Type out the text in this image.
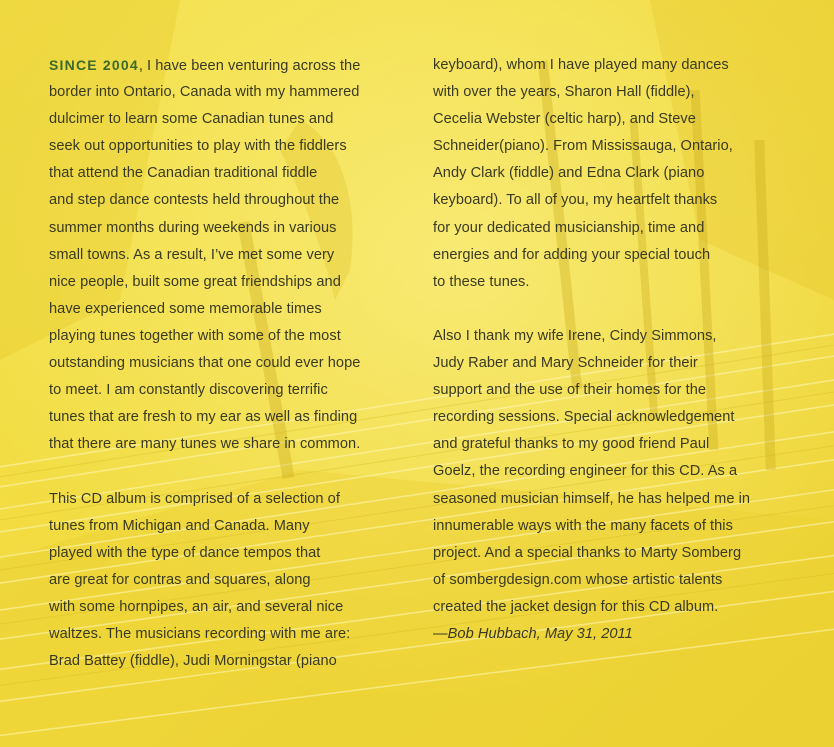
SINCE 2004, I have been venturing across the
border into Ontario, Canada with my hammered
dulcimer to learn some Canadian tunes and
seek out opportunities to play with the fiddlers
that attend the Canadian traditional fiddle
and step dance contests held throughout the
summer months during weekends in various
small towns. As a result, I’ve met some very
nice people, built some great friendships and
have experienced some memorable times
playing tunes together with some of the most
outstanding musicians that one could ever hope
to meet. I am constantly discovering terrific
tunes that are fresh to my ear as well as finding
that there are many tunes we share in common.
This CD album is comprised of a selection of
tunes from Michigan and Canada. Many
played with the type of dance tempos that
are great for contras and squares, along
with some hornpipes, an air, and several nice
waltzes. The musicians recording with me are:
Brad Battey (fiddle), Judi Morningstar (piano
keyboard), whom I have played many dances
with over the years, Sharon Hall (fiddle),
Cecelia Webster (celtic harp), and Steve
Schneider(piano). From Mississauga, Ontario,
Andy Clark (fiddle) and Edna Clark (piano
keyboard). To all of you, my heartfelt thanks
for your dedicated musicianship, time and
energies and for adding your special touch
to these tunes.
Also I thank my wife Irene, Cindy Simmons,
Judy Raber and Mary Schneider for their
support and the use of their homes for the
recording sessions. Special acknowledgement
and grateful thanks to my good friend Paul
Goelz, the recording engineer for this CD. As a
seasoned musician himself, he has helped me in
innumerable ways with the many facets of this
project. And a special thanks to Marty Somberg
of sombergdesign.com whose artistic talents
created the jacket design for this CD album.
—Bob Hubbach, May 31, 2011
